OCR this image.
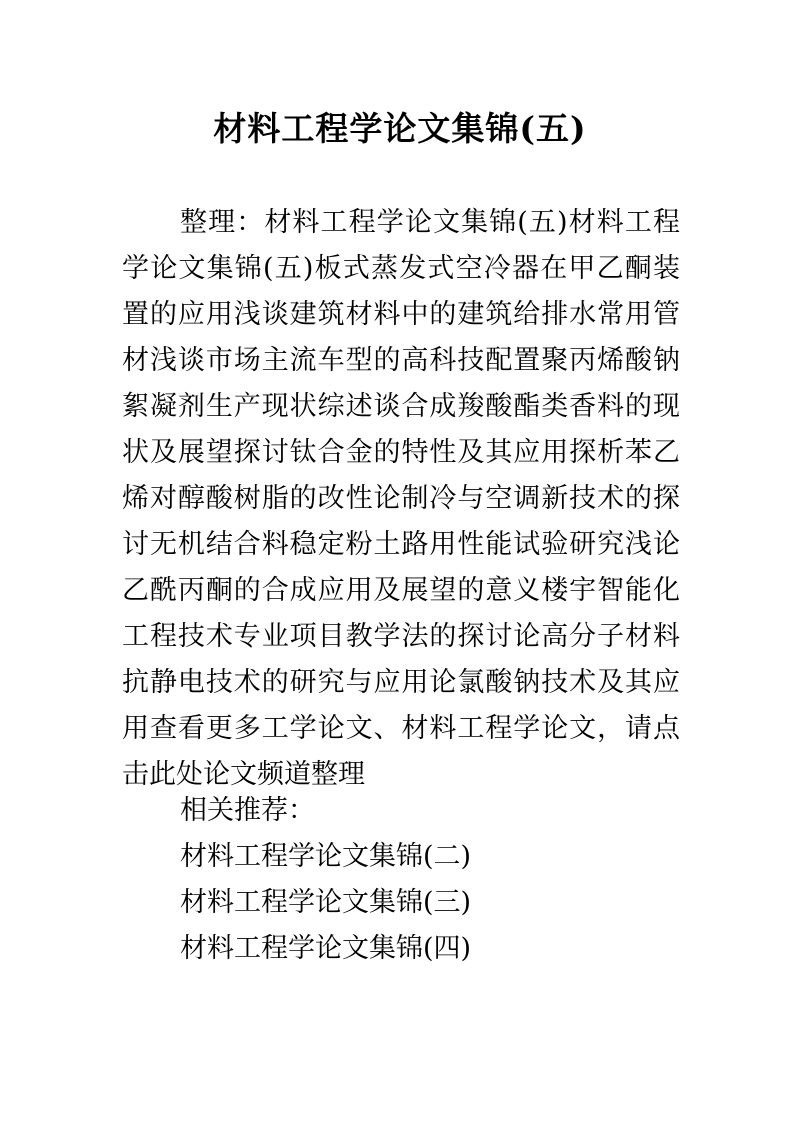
材料工程学论文集锦(五)

整理：材料工程学论文集锦(五)材料工程学论文集锦(五)板式蒸发式空冷器在甲乙酮装置的应用浅谈建筑材料中的建筑给排水常用管材浅谈市场主流车型的高科技配置聚丙烯酸钠絮凝剂生产现状综述谈合成羧酸酯类香料的现状及展望探讨钛合金的特性及其应用探析苯乙烯对醇酸树脂的改性论制冷与空调新技术的探讨无机结合料稳定粉土路用性能试验研究浅论乙酰丙酮的合成应用及展望的意义楼宇智能化工程技术专业项目教学法的探讨论高分子材料抗静电技术的研究与应用论氯酸钠技术及其应用查看更多工学论文、材料工程学论文，请点击此处论文频道整理

相关推荐：
材料工程学论文集锦(二)
材料工程学论文集锦(三)
材料工程学论文集锦(四)
